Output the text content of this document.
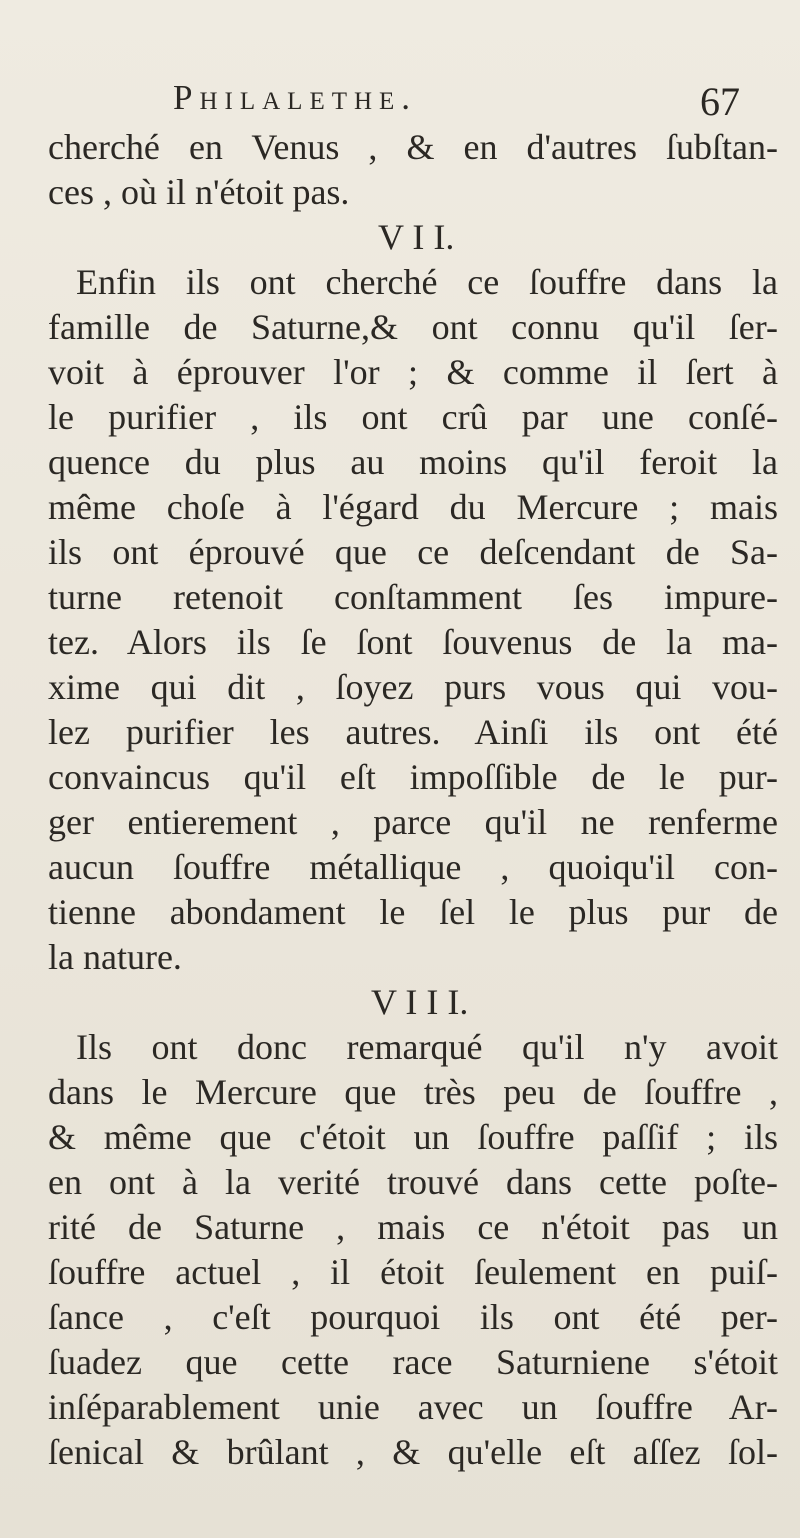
Philalethe.	67
cherché en Venus , & en d'autres ſubſtan-
ces , où il n'étoit pas.
V I I.
Enfin ils ont cherché ce ſouffre dans la
famille de Saturne,& ont connu qu'il ſer-
voit à éprouver l'or ; & comme il ſert à
le purifier , ils ont crû par une conſé-
quence du plus au moins qu'il feroit la
même choſe à l'égard du Mercure ; mais
ils ont éprouvé que ce deſcendant de Sa-
turne retenoit conſtamment ſes impure-
tez. Alors ils ſe ſont ſouvenus de la ma-
xime qui dit , ſoyez purs vous qui vou-
lez purifier les autres. Ainſi ils ont été
convaincus qu'il eſt impoſſible de le pur-
ger entierement , parce qu'il ne renferme
aucun ſouffre métallique , quoiqu'il con-
tienne abondament le ſel le plus pur de
la nature.
V I I I.
Ils ont donc remarqué qu'il n'y avoit
dans le Mercure que très peu de ſouffre ,
& même que c'étoit un ſouffre paſſif ; ils
en ont à la verité trouvé dans cette poſte-
rité de Saturne , mais ce n'étoit pas un
ſouffre actuel , il étoit ſeulement en puiſ-
ſance , c'eſt pourquoi ils ont été per-
ſuadez que cette race Saturniene s'étoit
inſéparablement unie avec un ſouffre Ar-
ſenical & brûlant , & qu'elle eſt aſſez ſol-
